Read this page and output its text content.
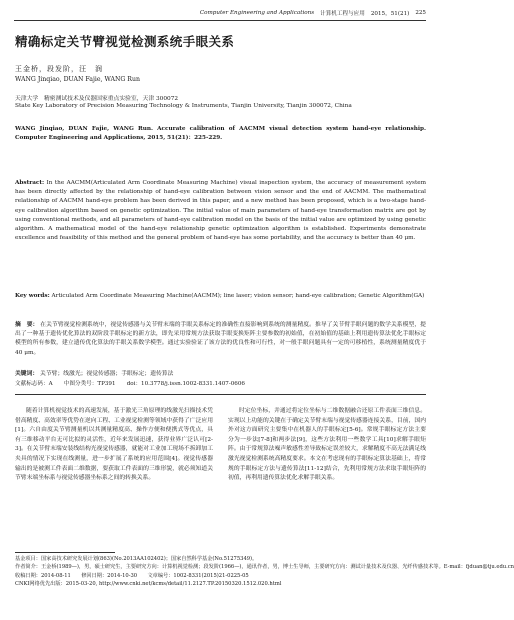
Computer Engineering and Applications 计算机工程与应用 2015，51(21) 225
精确标定关节臂视觉检测系统手眼关系
王金桥，段发阶，汪　润
WANG Jinqiao, DUAN Fajie, WANG Run
天津大学　精密测试技术及仪器国家重点实验室，天津 300072
State Key Laboratory of Precision Measuring Technology & Instruments, Tianjin University, Tianjin 300072, China
WANG Jinqiao, DUAN Fajie, WANG Run. Accurate calibration of AACMM visual detection system hand-eye relationship. Computer Engineering and Applications, 2015, 51(21)：225-229.
Abstract: In the AACMM(Articulated Arm Coordinate Measuring Machine) visual inspection system, the accuracy of measurement system has been directly affected by the relationship of hand-eye calibration between vision sensor and the end of AACMM. The mathematical relationship of AACMM hand-eye problem has been derived in this paper, and a new method has been proposed, which is a two-stage hand-eye calibration algorithm based on genetic optimization. The initial value of main parameters of hand-eye transformation matrix are got by using conventional methods, and all parameters of hand-eye calibration model on the basis of the initial value are optimized by using genetic algorithm. A mathematical model of the hand-eye relationship genetic optimization algorithm is established. Experiments demonstrate excellence and feasibility of this method and the general problem of hand-eye has some portability, and the accuracy is better than 40 μm.
Key words: Articulated Arm Coordinate Measuring Machine(AACMM); line laser; vision sensor; hand-eye calibration; Genetic Algorithm(GA)
摘　要： 在关节臂视觉检测系统中，视觉传感器与关节臂末端的手眼关系标定的准确性直接影响到系统的测量精度。推导了关节臂手眼问题的数学关系模型，提出了一种基于遗传优化算法的双阶段手眼标定的新方法，即先采用常规方法获取手眼变换矩阵主要参数的初始值，在初始值的基础上利用遗传算法优化手眼标定模型的所有参数，建立遗传优化算法的手眼关系数学模型。通过实验验证了该方法的优良性和可行性，对一般手眼问题具有一定的可移植性，系统测量精度优于40 μm。
关键词： 关节臂；线激光；视觉传感器；手眼标定；遗传算法
文献标志码：A　　中图分类号：TP391　　doi：10.3778/j.issn.1002-8331.1407-0606
随着计算机视觉技术的高速发展，基于激光三角原理的线激光扫描技术凭借高精度、高效率等优势在逆向工程、工业视觉检测等领域中获得了广泛应用[1]。六自由度关节臂测量机以其测量精度高、操作方便和便携式等优点，具有三维移动平台无可比拟的灵活性，近年来发展迅速，获得业界广泛认可[2-3]。在关节臂末端安装线结构光视觉传感器，就能对工业加工现场不拆卸加工夹具的情况下实现在线测量，进一步扩展了系统的应用范围[4]。视觉传感器输出的是被测工件表面二维数据，要获取工件表面的三维形貌，就必须知道关节臂末端坐标系与视觉传感器坐标系之间的转换关系。
时定位坐标，并通过将定位坐标与二维数据融合还原工件表面三维信息。实现以上功能的关键在于确定关节臂末端与视觉传感器连接关系，目前，国内外对这方面研究主要集中在机器人的手眼标定[5-6]。常规手眼标定方法主要分为一步法[7-8]和两步法[9]，这些方法利用一些数学工具[10]求解手眼矩阵。由于常规算法噪声敏感性差导致标定误差较大，求解精度不高无法满足线激光视觉检测系统高精度要求。本文在考虑现有的手眼标定算法基础上，将常规的手眼标定方法与遗传算法[11-12]结合，先利用常规方法求取手眼矩阵的初值，再利用遗传算法优化求解手眼关系。
基金项目：国家高技术研究发展计划(863)(No.2013AA102402)；国家自然科学基金(No.51275349)。
作者简介：王金桥(1989—)，男，硕士研究生，主要研究方向：计算机视觉检测；段发阶(1966—)，通讯作者，男，博士生导师，主要研究方向：测试计量技术及仪器、光纤传感技术等。E-mail：fjduan@tju.edu.cn
收稿日期：2014-08-11　　修回日期：2014-10-30　　文章编号：1002-8331(2015)21-0225-05
CNKI网络优先出版：2015-03-20, http://www.cnki.net/kcms/detail/11.2127.TP.20150320.1512.020.html
